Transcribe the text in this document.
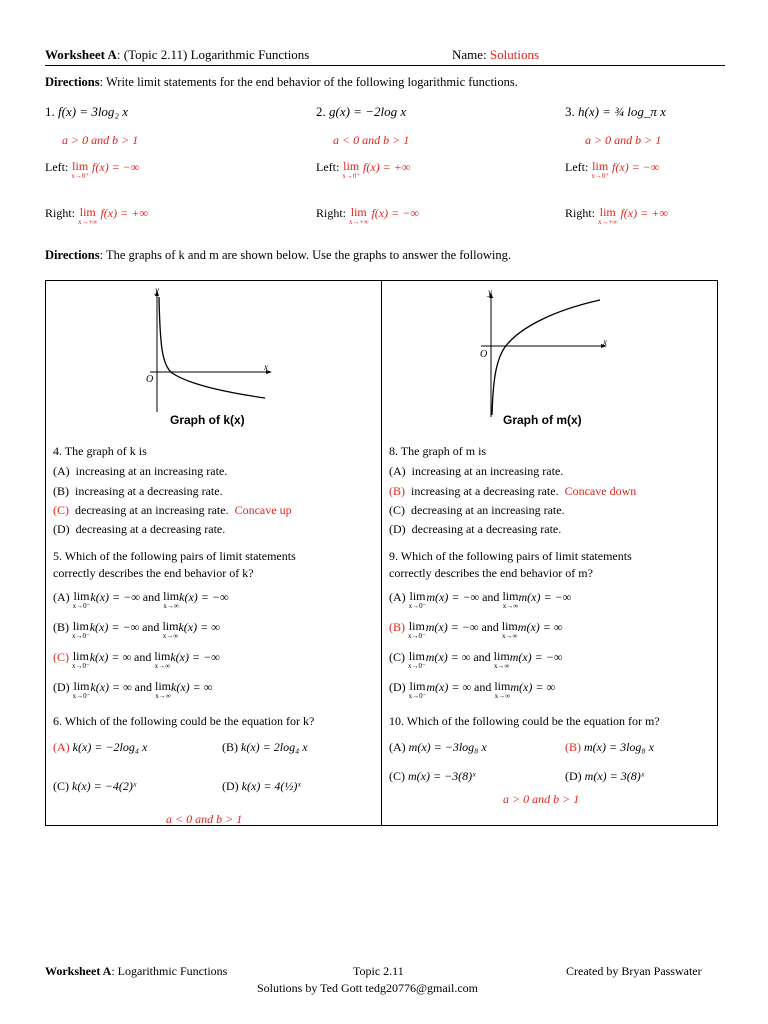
Worksheet A: (Topic 2.11) Logarithmic Functions	Name: Solutions
Directions: Write limit statements for the end behavior of the following logarithmic functions.
1. f(x) = 3log₂ x
a > 0 and b > 1
Left: lim
x→0⁺
f(x) = −∞
Right: lim
x→+∞
f(x) = +∞
2. g(x) = −2log x
a < 0 and b > 1
Left: lim
x→0⁺
f(x) = +∞
Right: lim
x→+∞
f(x) = −∞
3. h(x) = ¾ log_π x
a > 0 and b > 1
Left: lim
x→0⁺
f(x) = −∞
Right: lim
x→+∞
f(x) = +∞
Directions: The graphs of k and m are shown below. Use the graphs to answer the following.
y
x
O
Graph of k(x)
y
x
O
Graph of m(x)
4. The graph of k is
(A) increasing at an increasing rate.
(B) increasing at a decreasing rate.
(C) decreasing at an increasing rate. Concave up
(D) decreasing at a decreasing rate.
5. Which of the following pairs of limit statements
correctly describes the end behavior of k?
(A) lim
x→0⁻
k(x) = −∞ and lim
x→∞
k(x) = −∞
(B) lim
x→0⁻
k(x) = −∞ and lim
x→∞
k(x) = ∞
(C) lim
x→0⁻
k(x) = ∞ and lim
x→∞
k(x) = −∞
(D) lim
x→0⁻
k(x) = ∞ and lim
x→∞
k(x) = ∞
6. Which of the following could be the equation for k?
(A) k(x) = −2log₄ x	(B) k(x) = 2log₄ x
(C) k(x) = −4(2)ˣ	(D) k(x) = 4(½)ˣ
a < 0 and b > 1
8. The graph of m is
(A) increasing at an increasing rate.
(B) increasing at a decreasing rate. Concave down
(C) decreasing at an increasing rate.
(D) decreasing at a decreasing rate.
9. Which of the following pairs of limit statements
correctly describes the end behavior of m?
(A) lim
x→0⁻
m(x) = −∞ and lim
x→∞
m(x) = −∞
(B) lim
x→0⁻
m(x) = −∞ and lim
x→∞
m(x) = ∞
(C) lim
x→0⁻
m(x) = ∞ and lim
x→∞
m(x) = −∞
(D) lim
x→0⁻
m(x) = ∞ and lim
x→∞
m(x) = ∞
10. Which of the following could be the equation for m?
(A) m(x) = −3log₈ x	(B) m(x) = 3log₈ x
(C) m(x) = −3(8)ˣ	(D) m(x) = 3(8)ˣ
a > 0 and b > 1
Worksheet A: Logarithmic Functions	Topic 2.11	Created by Bryan Passwater
Solutions by Ted Gott tedg20776@gmail.com
